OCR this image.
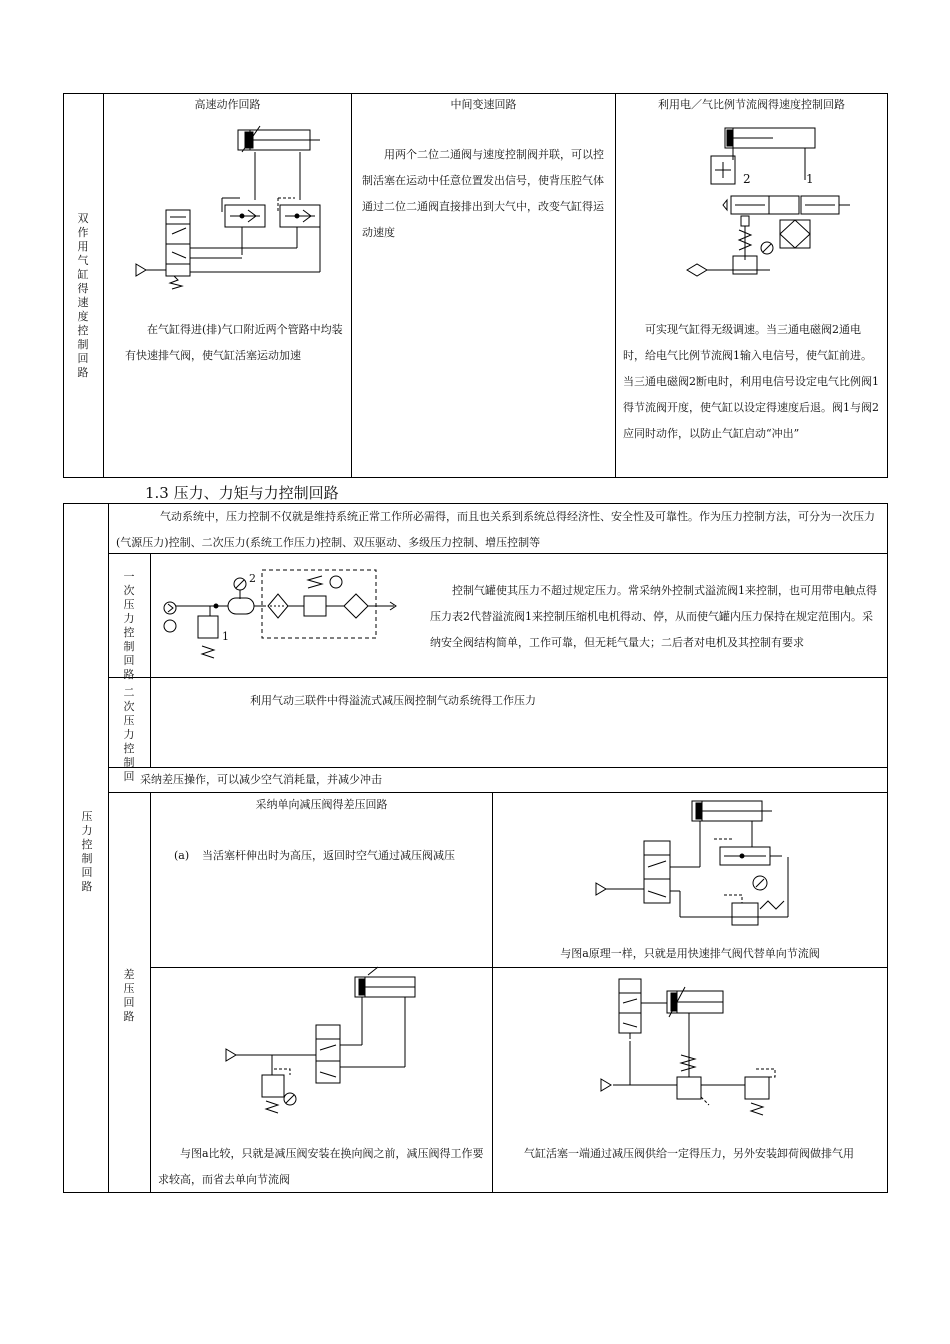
双作用气缸得速度控制回路
高速动作回路	中间变速回路	利用电／气比例节流阀得速度控制回路
在气缸得进(排)气口附近两个管路中均装有快速排气阀，使气缸活塞运动加速
用两个二位二通阀与速度控制阀并联，可以控制活塞在运动中任意位置发出信号，使背压腔气体通过二位二通阀直接排出到大气中，改变气缸得运动速度
可实现气缸得无级调速。当三通电磁阀2通电时，给电气比例节流阀1输入电信号，使气缸前进。当三通电磁阀2断电时，利用电信号设定电气比例阀1得节流阀开度，使气缸以设定得速度后退。阀1与阀2应同时动作，以防止气缸启动“冲出”
2	1
1.3 压力、力矩与力控制回路
压力控制回路
气动系统中，压力控制不仅就是维持系统正常工作所必需得，而且也关系到系统总得经济性、安全性及可靠性。作为压力控制方法，可分为一次压力(气源压力)控制、二次压力(系统工作压力)控制、双压驱动、多级压力控制、增压控制等
一次压力控制回路
控制气罐使其压力不超过规定压力。常采纳外控制式溢流阀1来控制，也可用带电触点得压力表2代替溢流阀1来控制压缩机电机得动、停，从而使气罐内压力保持在规定范围内。采纳安全阀结构简单，工作可靠，但无耗气量大；二后者对电机及其控制有要求
2
1
二次压力控制回
利用气动三联件中得溢流式减压阀控制气动系统得工作压力
采纳差压操作，可以减少空气消耗量，并减少冲击
差压回路
采纳单向减压阀得差压回路
(a) 当活塞杆伸出时为高压，返回时空气通过减压阀减压
与图a原理一样，只就是用快速排气阀代替单向节流阀
与图a比较，只就是减压阀安装在换向阀之前，减压阀得工作要求较高，而省去单向节流阀
气缸活塞一端通过减压阀供给一定得压力，另外安装卸荷阀做排气用
